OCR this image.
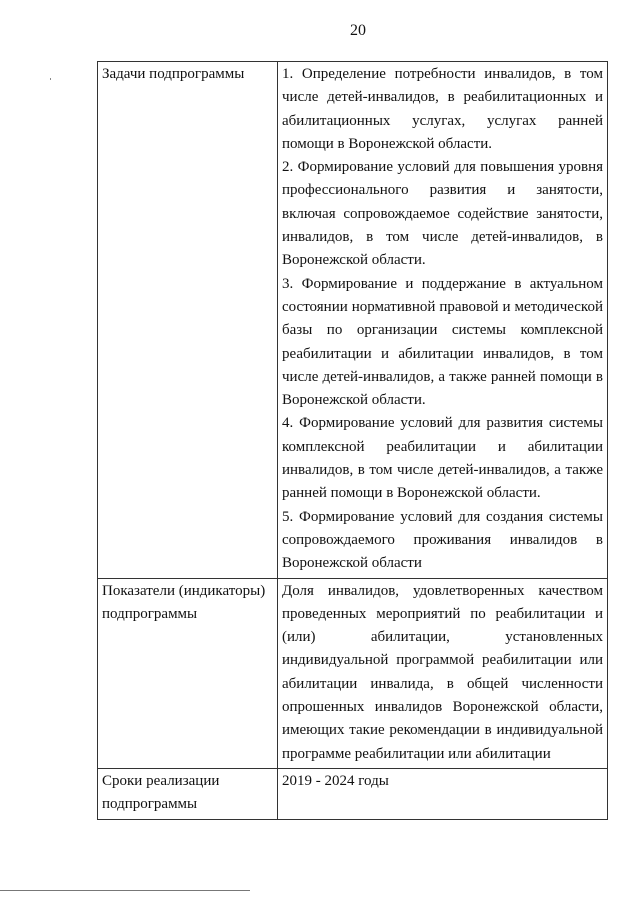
20
Задачи подпрограммы	1. Определение потребности инвалидов, в том числе детей-инвалидов, в реабилитационных и абилитационных услугах, услугах ранней помощи в Воронежской области.

2. Формирование условий для повышения уровня профессионального развития и занятости, включая сопровождаемое содействие занятости, инвалидов, в том числе детей-инвалидов, в Воронежской области.

3. Формирование и поддержание в актуальном состоянии нормативной правовой и методической базы по организации системы комплексной реабилитации и абилитации инвалидов, в том числе детей-инвалидов, а также ранней помощи в Воронежской области.

4. Формирование условий для развития системы комплексной реабилитации и абилитации инвалидов, в том числе детей-инвалидов, а также ранней помощи в Воронежской области.

5. Формирование условий для создания системы сопровождаемого проживания инвалидов в Воронежской области

Показатели (индикаторы) подпрограммы	Доля инвалидов, удовлетворенных качеством проведенных мероприятий по реабилитации и (или) абилитации, установленных индивидуальной программой реабилитации или абилитации инвалида, в общей численности опрошенных инвалидов Воронежской области, имеющих такие рекомендации в индивидуальной программе реабилитации или абилитации

Сроки реализации подпрограммы	2019 - 2024 годы
